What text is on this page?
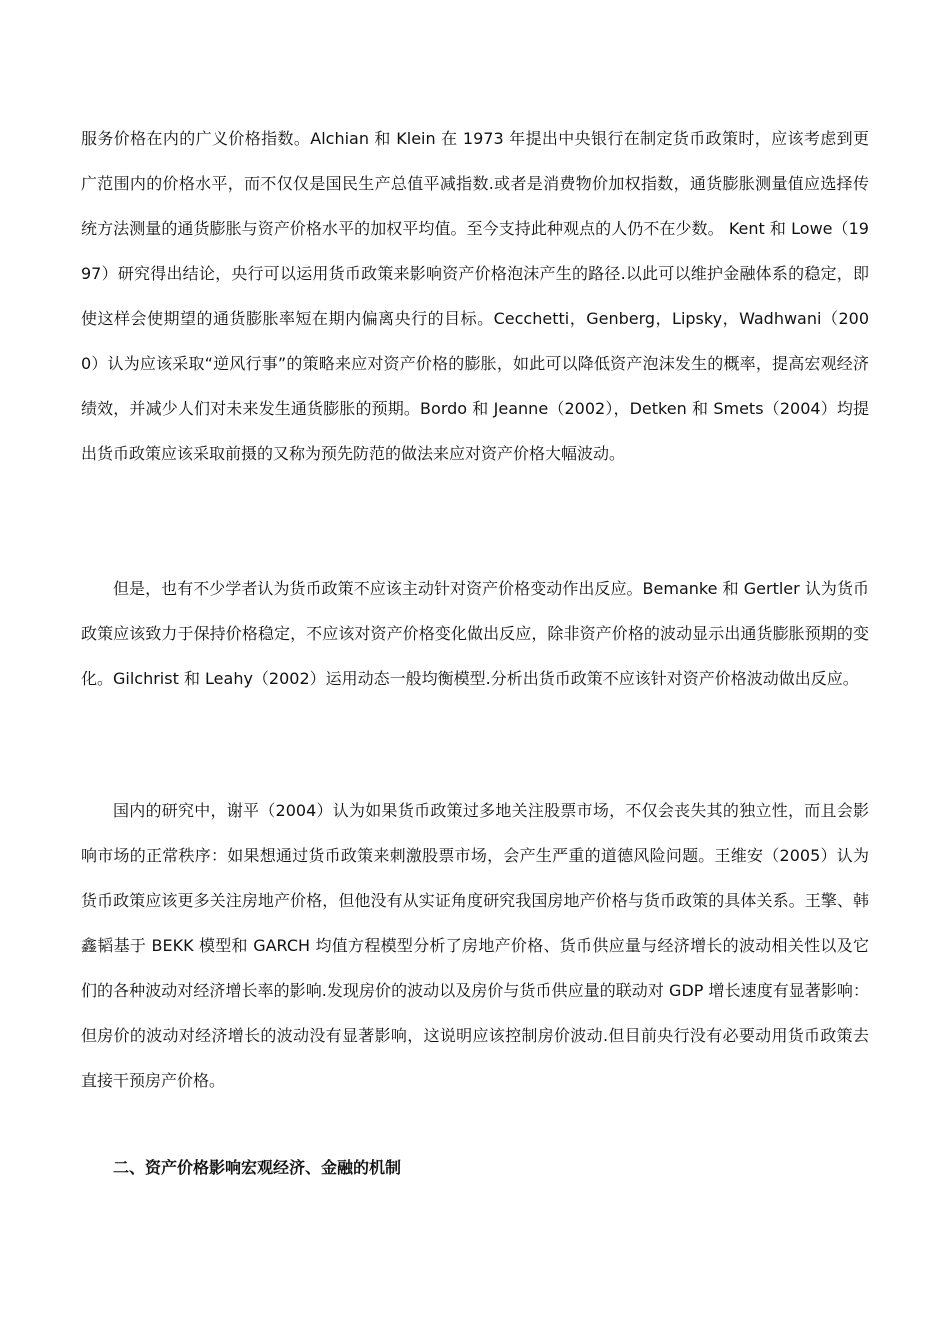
服务价格在内的广义价格指数。Alchian 和 Klein 在 1973 年提出中央银行在制定货币政策时，应该考虑到更广范围内的价格水平，而不仅仅是国民生产总值平减指数.或者是消费物价加权指数，通货膨胀测量值应选择传统方法测量的通货膨胀与资产价格水平的加权平均值。至今支持此种观点的人仍不在少数。 Kent 和 Lowe（1997）研究得出结论，央行可以运用货币政策来影响资产价格泡沫产生的路径.以此可以维护金融体系的稳定，即使这样会使期望的通货膨胀率短在期内偏离央行的目标。Cecchetti，Genberg，Lipsky，Wadhwani（2000）认为应该采取“逆风行事”的策略来应对资产价格的膨胀，如此可以降低资产泡沫发生的概率，提高宏观经济绩效，并减少人们对未来发生通货膨胀的预期。Bordo 和 Jeanne（2002），Detken 和 Smets（2004）均提出货币政策应该采取前摄的又称为预先防范的做法来应对资产价格大幅波动。

但是，也有不少学者认为货币政策不应该主动针对资产价格变动作出反应。Bemanke 和 Gertler 认为货币政策应该致力于保持价格稳定，不应该对资产价格变化做出反应，除非资产价格的波动显示出通货膨胀预期的变化。Gilchrist 和 Leahy（2002）运用动态一般均衡模型.分析出货币政策不应该针对资产价格波动做出反应。

国内的研究中，谢平（2004）认为如果货币政策过多地关注股票市场，不仅会丧失其的独立性，而且会影响市场的正常秩序：如果想通过货币政策来刺激股票市场，会产生严重的道德风险问题。王维安（2005）认为货币政策应该更多关注房地产价格，但他没有从实证角度研究我国房地产价格与货币政策的具体关系。王擎、韩鑫韬基于 BEKK 模型和 GARCH 均值方程模型分析了房地产价格、货币供应量与经济增长的波动相关性以及它们的各种波动对经济增长率的影响.发现房价的波动以及房价与货币供应量的联动对 GDP 增长速度有显著影响：但房价的波动对经济增长的波动没有显著影响，这说明应该控制房价波动.但目前央行没有必要动用货币政策去直接干预房产价格。

二、资产价格影响宏观经济、金融的机制
